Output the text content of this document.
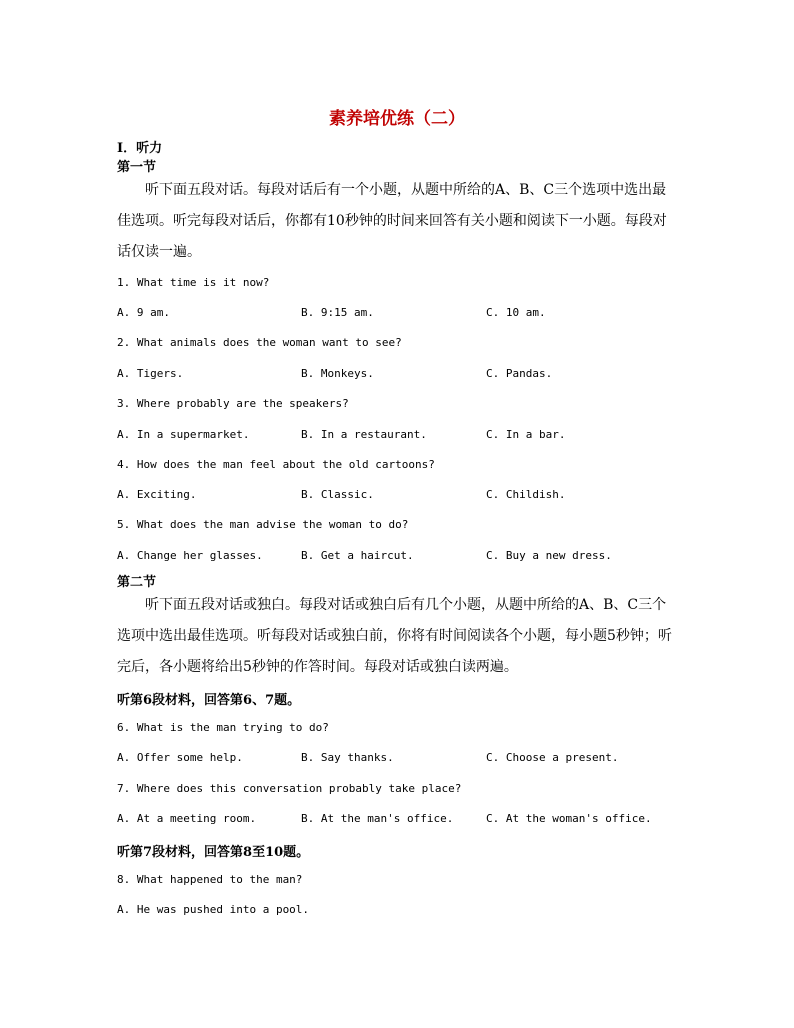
素养培优练（二）
Ⅰ．听力
第一节
听下面五段对话。每段对话后有一个小题，从题中所给的A、B、C三个选项中选出最佳选项。听完每段对话后，你都有10秒钟的时间来回答有关小题和阅读下一小题。每段对话仅读一遍。
1. What time is it now?
A. 9 am.	B. 9:15 am.	C. 10 am.
2. What animals does the woman want to see?
A. Tigers.	B. Monkeys.	C. Pandas.
3. Where probably are the speakers?
A. In a supermarket.	B. In a restaurant.	C. In a bar.
4. How does the man feel about the old cartoons?
A. Exciting.	B. Classic.	C. Childish.
5. What does the man advise the woman to do?
A. Change her glasses.	B. Get a haircut.	C. Buy a new dress.
第二节
听下面五段对话或独白。每段对话或独白后有几个小题，从题中所给的A、B、C三个选项中选出最佳选项。听每段对话或独白前，你将有时间阅读各个小题，每小题5秒钟；听完后，各小题将给出5秒钟的作答时间。每段对话或独白读两遍。
听第6段材料，回答第6、7题。
6. What is the man trying to do?
A. Offer some help.	B. Say thanks.	C. Choose a present.
7. Where does this conversation probably take place?
A. At a meeting room.	B. At the man's office.	C. At the woman's office.
听第7段材料，回答第8至10题。
8. What happened to the man?
A. He was pushed into a pool.
